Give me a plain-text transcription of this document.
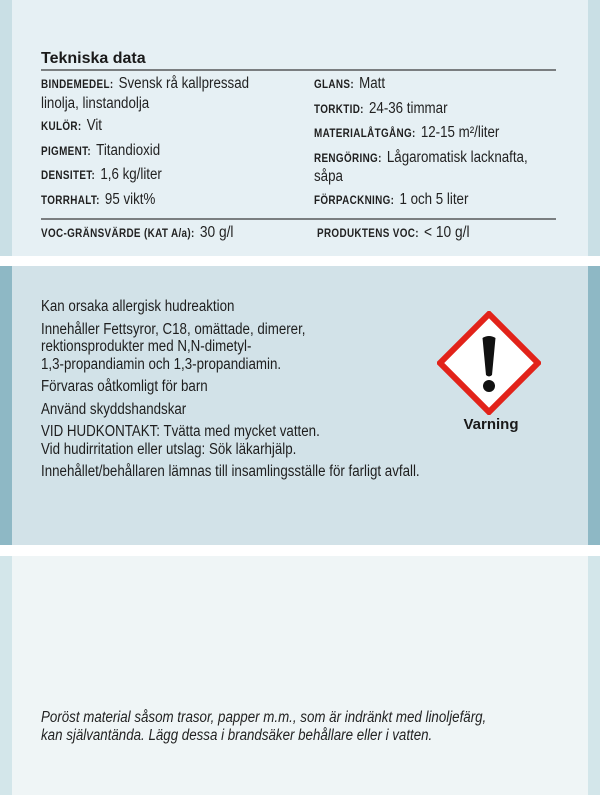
Tekniska data
BINDEMEDEL: Svensk rå kallpressad
linolja, linstandolja
KULÖR: Vit
PIGMENT: Titandioxid
DENSITET: 1,6 kg/liter
TORRHALT: 95 vikt%
GLANS: Matt
TORKTID: 24-36 timmar
MATERIALÅTGÅNG: 12-15 m²/liter
RENGÖRING: Lågaromatisk lacknafta,
såpa
FÖRPACKNING: 1 och 5 liter
VOC-GRÄNSVÄRDE (KAT A/a): 30 g/l	PRODUKTENS VOC: < 10 g/l
Kan orsaka allergisk hudreaktion
Innehåller Fettsyror, C18, omättade, dimerer,
rektionsprodukter med N,N-dimetyl-
1,3-propandiamin och 1,3-propandiamin.
Förvaras oåtkomligt för barn
Använd skyddshandskar
VID HUDKONTAKT: Tvätta med mycket vatten.
Vid hudirritation eller utslag: Sök läkarhjälp.
Innehållet/behållaren lämnas till insamlingsställe för farligt avfall.
Varning
Poröst material såsom trasor, papper m.m., som är indränkt med linoljefärg,
kan självantända. Lägg dessa i brandsäker behållare eller i vatten.
